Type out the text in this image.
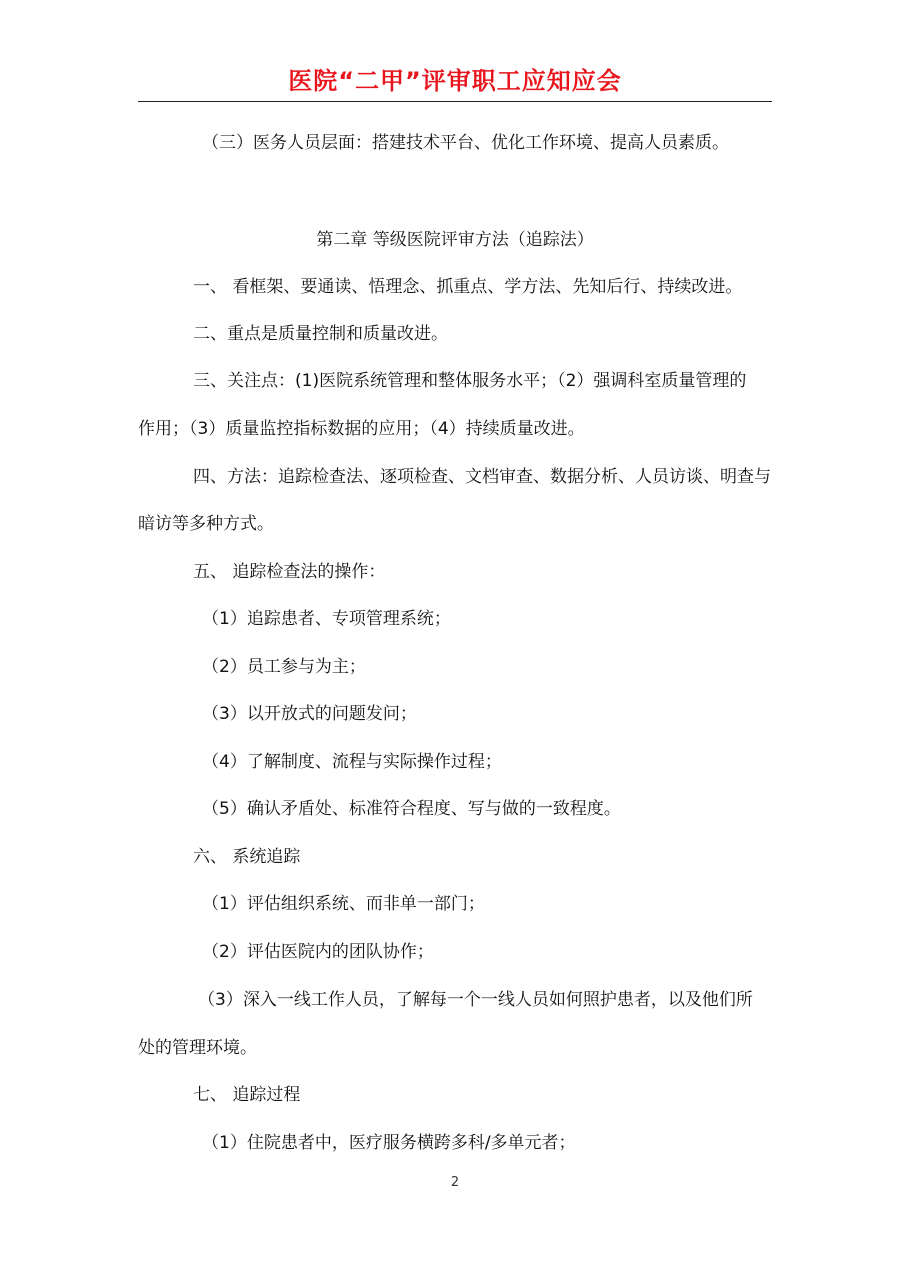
医院“二甲”评审职工应知应会
（三）医务人员层面：搭建技术平台、优化工作环境、提高人员素质。
第二章 等级医院评审方法（追踪法）
一、 看框架、要通读、悟理念、抓重点、学方法、先知后行、持续改进。
二、重点是质量控制和质量改进。
三、关注点：(1)医院系统管理和整体服务水平；（2）强调科室质量管理的
作用；（3）质量监控指标数据的应用；（4）持续质量改进。
四、方法：追踪检查法、逐项检查、文档审查、数据分析、人员访谈、明查与
暗访等多种方式。
五、 追踪检查法的操作：
（1）追踪患者、专项管理系统；
（2）员工参与为主；
（3）以开放式的问题发问；
（4）了解制度、流程与实际操作过程；
（5）确认矛盾处、标准符合程度、写与做的一致程度。
六、 系统追踪
（1）评估组织系统、而非单一部门；
（2）评估医院内的团队协作；
（3）深入一线工作人员，了解每一个一线人员如何照护患者，以及他们所
处的管理环境。
七、 追踪过程
（1）住院患者中，医疗服务横跨多科/多单元者；
2
